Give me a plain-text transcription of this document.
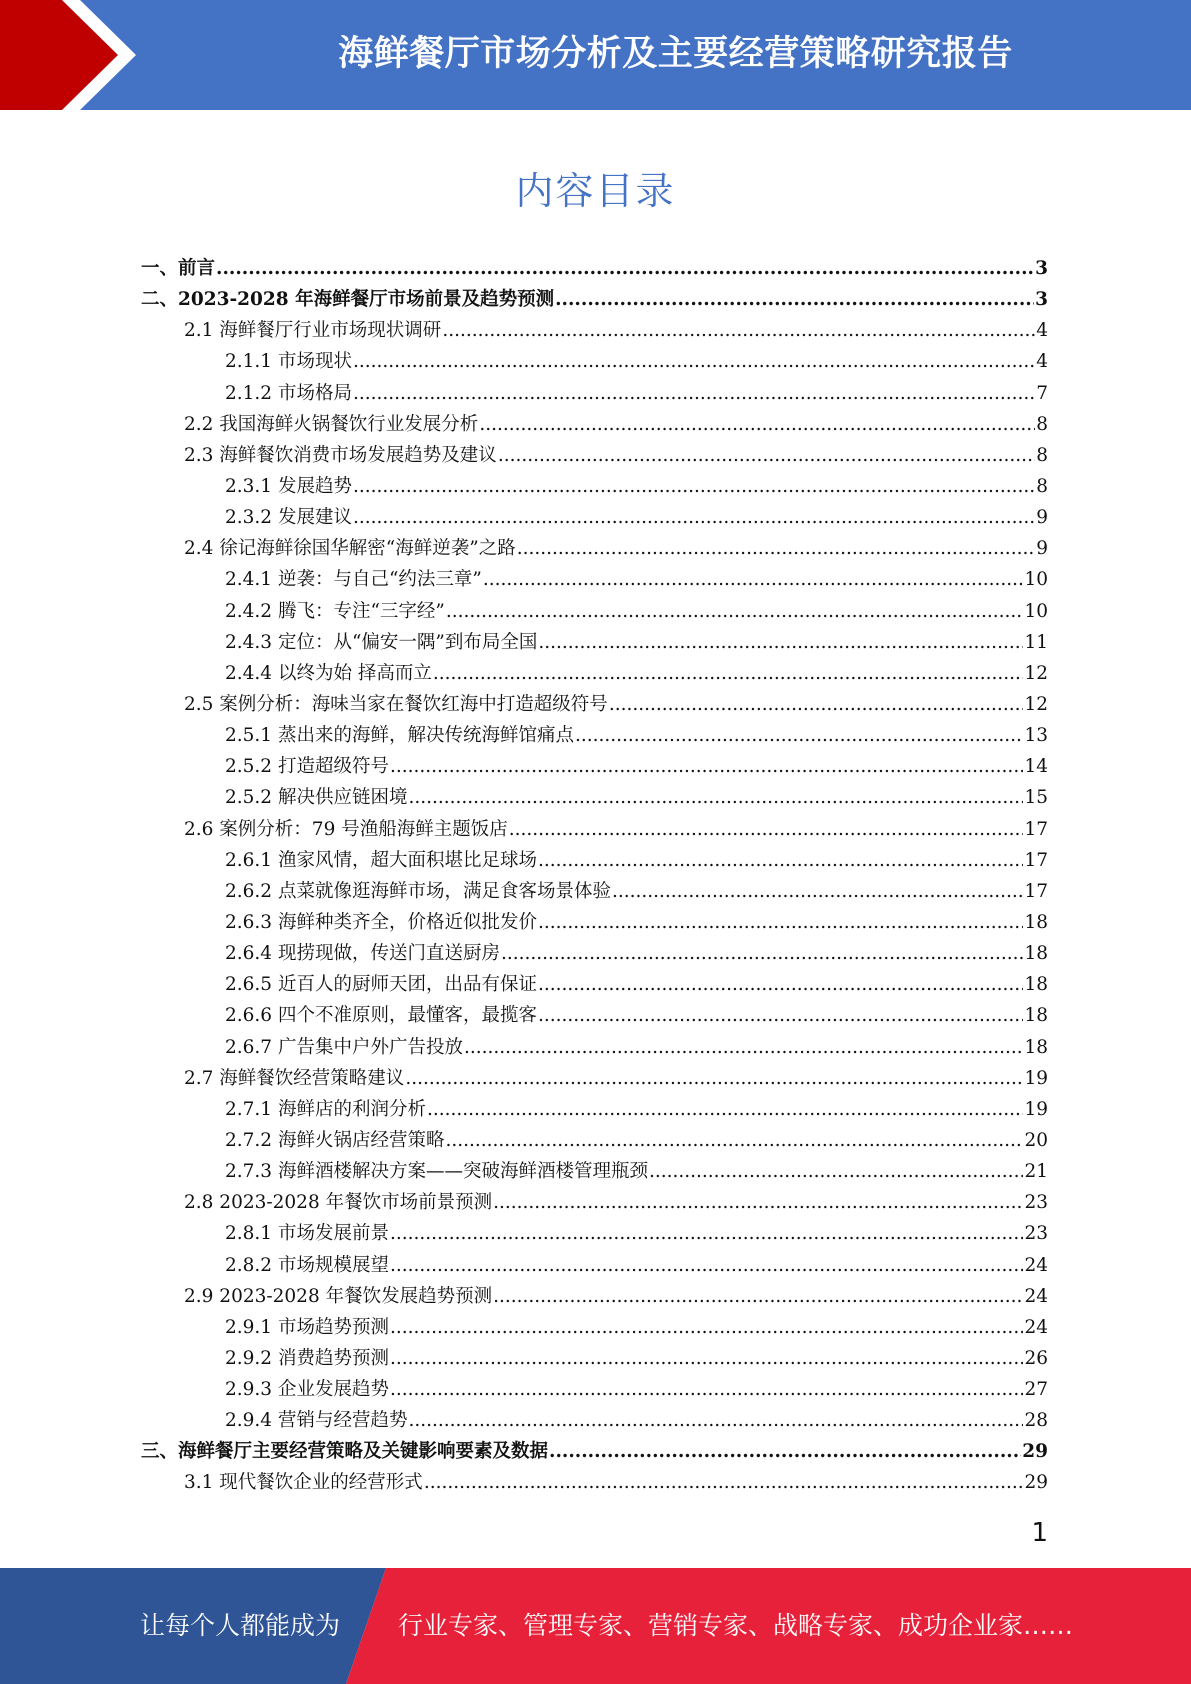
海鲜餐厅市场分析及主要经营策略研究报告
内容目录
一、前言 .....	3
二、2023-2028 年海鲜餐厅市场前景及趋势预测 .....	3
2.1 海鲜餐厅行业市场现状调研 .....	4
2.1.1 市场现状 .....	4
2.1.2 市场格局 .....	7
2.2 我国海鲜火锅餐饮行业发展分析 .....	8
2.3 海鲜餐饮消费市场发展趋势及建议 .....	8
2.3.1 发展趋势 .....	8
2.3.2 发展建议 .....	9
2.4 徐记海鲜徐国华解密“海鲜逆袭”之路 .....	9
2.4.1 逆袭：与自己“约法三章” .....	10
2.4.2 腾飞：专注“三字经” .....	10
2.4.3 定位：从“偏安一隅”到布局全国 .....	11
2.4.4 以终为始 择高而立 .....	12
2.5 案例分析：海味当家在餐饮红海中打造超级符号 .....	12
2.5.1 蒸出来的海鲜，解决传统海鲜馆痛点 .....	13
2.5.2 打造超级符号 .....	14
2.5.2 解决供应链困境 .....	15
2.6 案例分析：79 号渔船海鲜主题饭店 .....	17
2.6.1 渔家风情，超大面积堪比足球场 .....	17
2.6.2 点菜就像逛海鲜市场，满足食客场景体验 .....	17
2.6.3 海鲜种类齐全，价格近似批发价 .....	18
2.6.4 现捞现做，传送门直送厨房 .....	18
2.6.5 近百人的厨师天团，出品有保证 .....	18
2.6.6 四个不准原则，最懂客，最揽客 .....	18
2.6.7 广告集中户外广告投放 .....	18
2.7 海鲜餐饮经营策略建议 .....	19
2.7.1 海鲜店的利润分析 .....	19
2.7.2 海鲜火锅店经营策略 .....	20
2.7.3 海鲜酒楼解决方案——突破海鲜酒楼管理瓶颈 .....	21
2.8 2023-2028 年餐饮市场前景预测 .....	23
2.8.1 市场发展前景 .....	23
2.8.2 市场规模展望 .....	24
2.9 2023-2028 年餐饮发展趋势预测 .....	24
2.9.1 市场趋势预测 .....	24
2.9.2 消费趋势预测 .....	26
2.9.3 企业发展趋势 .....	27
2.9.4 营销与经营趋势 .....	28
三、海鲜餐厅主要经营策略及关键影响要素及数据 .....	29
3.1 现代餐饮企业的经营形式 .....	29
1
让每个人都能成为 行业专家、管理专家、营销专家、战略专家、成功企业家……
